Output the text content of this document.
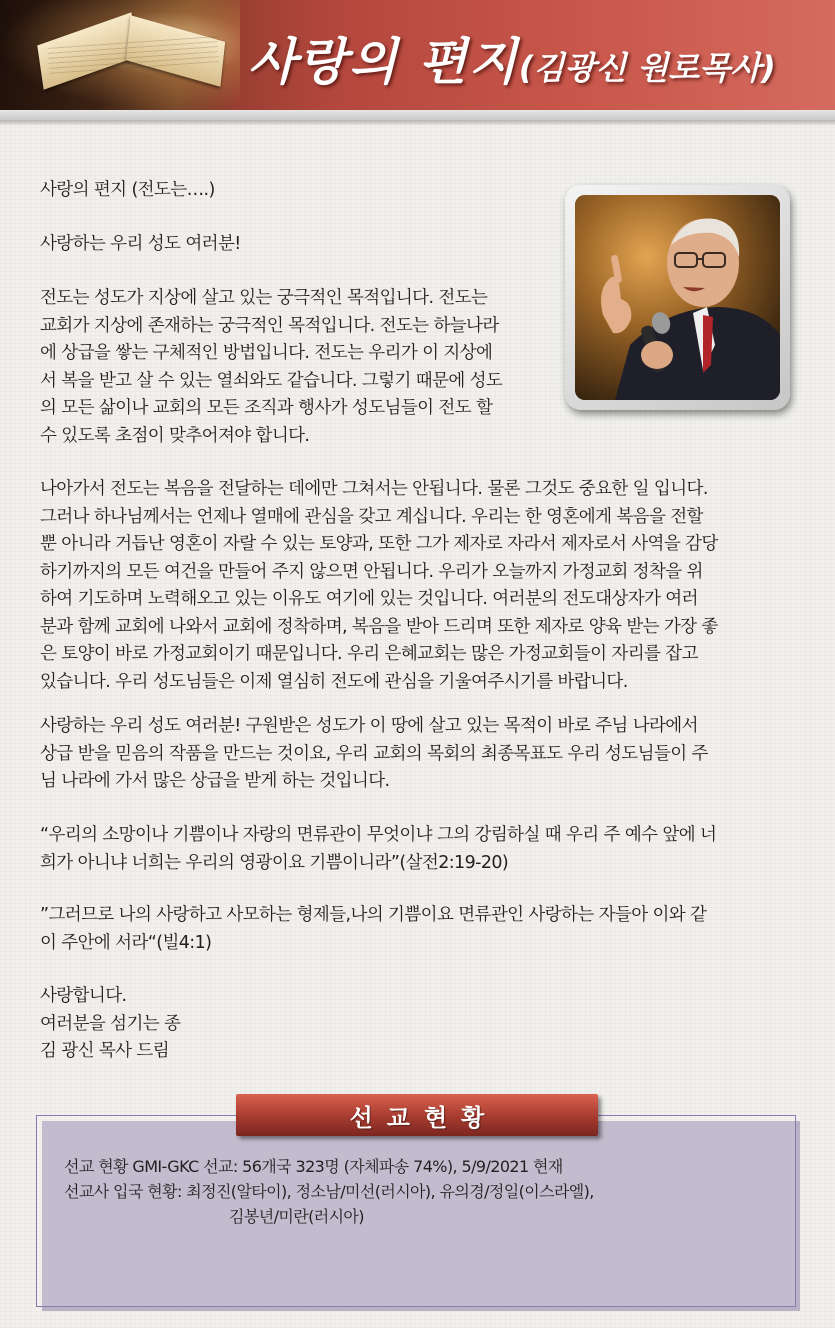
사랑의 편지(김광신 원로목사)
사랑의 편지 (전도는….)
사랑하는 우리 성도 여러분!
전도는 성도가 지상에 살고 있는 궁극적인 목적입니다. 전도는
교회가 지상에 존재하는 궁극적인 목적입니다. 전도는 하늘나라
에 상급을 쌓는 구체적인 방법입니다. 전도는 우리가 이 지상에
서 복을 받고 살 수 있는 열쇠와도 같습니다. 그렇기 때문에 성도
의 모든 삶이나 교회의 모든 조직과 행사가 성도님들이 전도 할
수 있도록 초점이 맞추어져야 합니다.
나아가서 전도는 복음을 전달하는 데에만 그쳐서는 안됩니다. 물론 그것도 중요한 일 입니다.
그러나 하나님께서는 언제나 열매에 관심을 갖고 계십니다. 우리는 한 영혼에게 복음을 전할
뿐 아니라 거듭난 영혼이 자랄 수 있는 토양과, 또한 그가 제자로 자라서 제자로서 사역을 감당
하기까지의 모든 여건을 만들어 주지 않으면 안됩니다. 우리가 오늘까지 가정교회 정착을 위
하여 기도하며 노력해오고 있는 이유도 여기에 있는 것입니다. 여러분의 전도대상자가 여러
분과 함께 교회에 나와서 교회에 정착하며, 복음을 받아 드리며 또한 제자로 양육 받는 가장 좋
은 토양이 바로 가정교회이기 때문입니다. 우리 은혜교회는 많은 가정교회들이 자리를 잡고
있습니다. 우리 성도님들은 이제 열심히 전도에 관심을 기울여주시기를 바랍니다.
사랑하는 우리 성도 여러분! 구원받은 성도가 이 땅에 살고 있는 목적이 바로 주님 나라에서
상급 받을 믿음의 작품을 만드는 것이요, 우리 교회의 목회의 최종목표도 우리 성도님들이 주
님 나라에 가서 많은 상급을 받게 하는 것입니다.
“우리의 소망이나 기쁨이나 자랑의 면류관이 무엇이냐 그의 강림하실 때 우리 주 예수 앞에 너
희가 아니냐 너희는 우리의 영광이요 기쁨이니라”(살전2:19-20)
”그러므로 나의 사랑하고 사모하는 형제들,나의 기쁨이요 면류관인 사랑하는 자들아 이와 같
이 주안에 서라“(빌4:1)
사랑합니다.
여러분을 섬기는 종
김 광신 목사 드림
선교현황
선교 현황 GMI-GKC 선교: 56개국 323명 (자체파송 74%), 5/9/2021 현재
선교사 입국 현황: 최정진(알타이), 정소남/미선(러시아), 유의경/정일(이스라엘),
김봉년/미란(러시아)
